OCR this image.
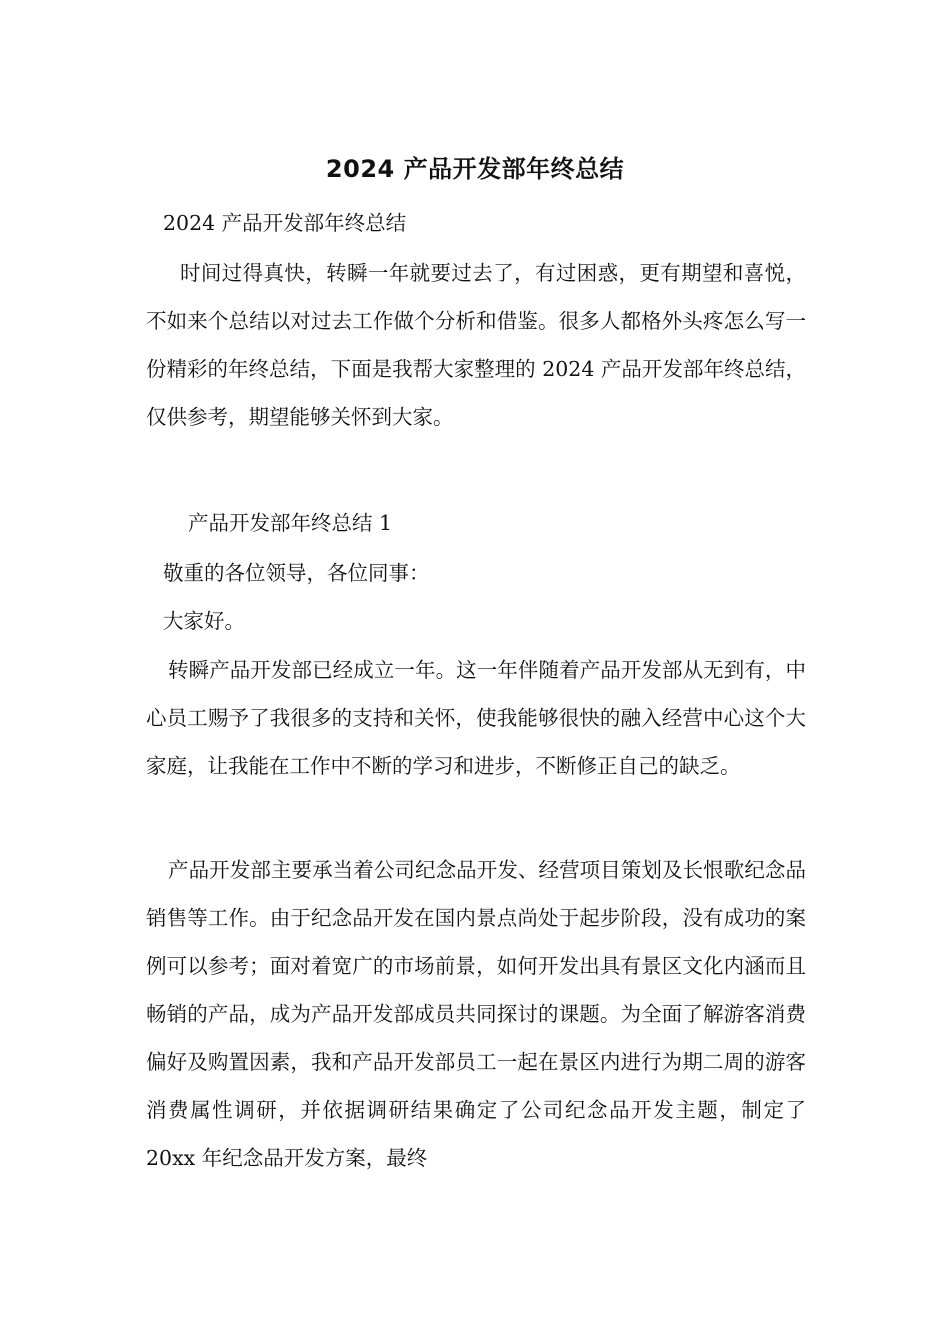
2024 产品开发部年终总结

2024 产品开发部年终总结

时间过得真快，转瞬一年就要过去了，有过困惑，更有期望和喜悦，不如来个总结以对过去工作做个分析和借鉴。很多人都格外头疼怎么写一份精彩的年终总结，下面是我帮大家整理的 2024 产品开发部年终总结，仅供参考，期望能够关怀到大家。

产品开发部年终总结 1

敬重的各位领导，各位同事：

大家好。

转瞬产品开发部已经成立一年。这一年伴随着产品开发部从无到有，中心员工赐予了我很多的支持和关怀，使我能够很快的融入经营中心这个大家庭，让我能在工作中不断的学习和进步，不断修正自己的缺乏。

产品开发部主要承当着公司纪念品开发、经营项目策划及长恨歌纪念品销售等工作。由于纪念品开发在国内景点尚处于起步阶段，没有成功的案例可以参考；面对着宽广的市场前景，如何开发出具有景区文化内涵而且畅销的产品，成为产品开发部成员共同探讨的课题。为全面了解游客消费偏好及购置因素，我和产品开发部员工一起在景区内进行为期二周的游客消费属性调研，并依据调研结果确定了公司纪念品开发主题，制定了 20xx 年纪念品开发方案，最终
